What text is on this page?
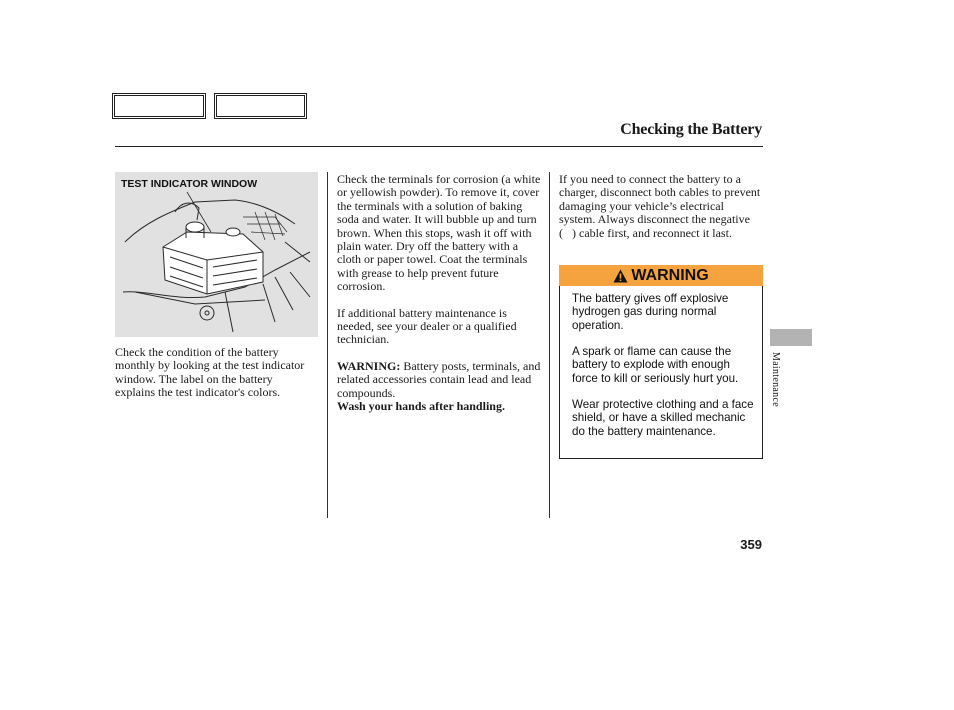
Checking the Battery
TEST INDICATOR WINDOW

Check the condition of the battery monthly by looking at the test indicator window. The label on the battery explains the test indicator's colors.

Check the terminals for corrosion (a white or yellowish powder). To remove it, cover the terminals with a solution of baking soda and water. It will bubble up and turn brown. When this stops, wash it off with plain water. Dry off the battery with a cloth or paper towel. Coat the terminals with grease to help prevent future corrosion.

If additional battery maintenance is needed, see your dealer or a qualified technician.

WARNING: Battery posts, terminals, and related accessories contain lead and lead compounds.
Wash your hands after handling.

If you need to connect the battery to a charger, disconnect both cables to prevent damaging your vehicle’s electrical system. Always disconnect the negative (   ) cable first, and reconnect it last.

WARNING

The battery gives off explosive hydrogen gas during normal operation.

A spark or flame can cause the battery to explode with enough force to kill or seriously hurt you.

Wear protective clothing and a face shield, or have a skilled mechanic do the battery maintenance.

Maintenance
359
